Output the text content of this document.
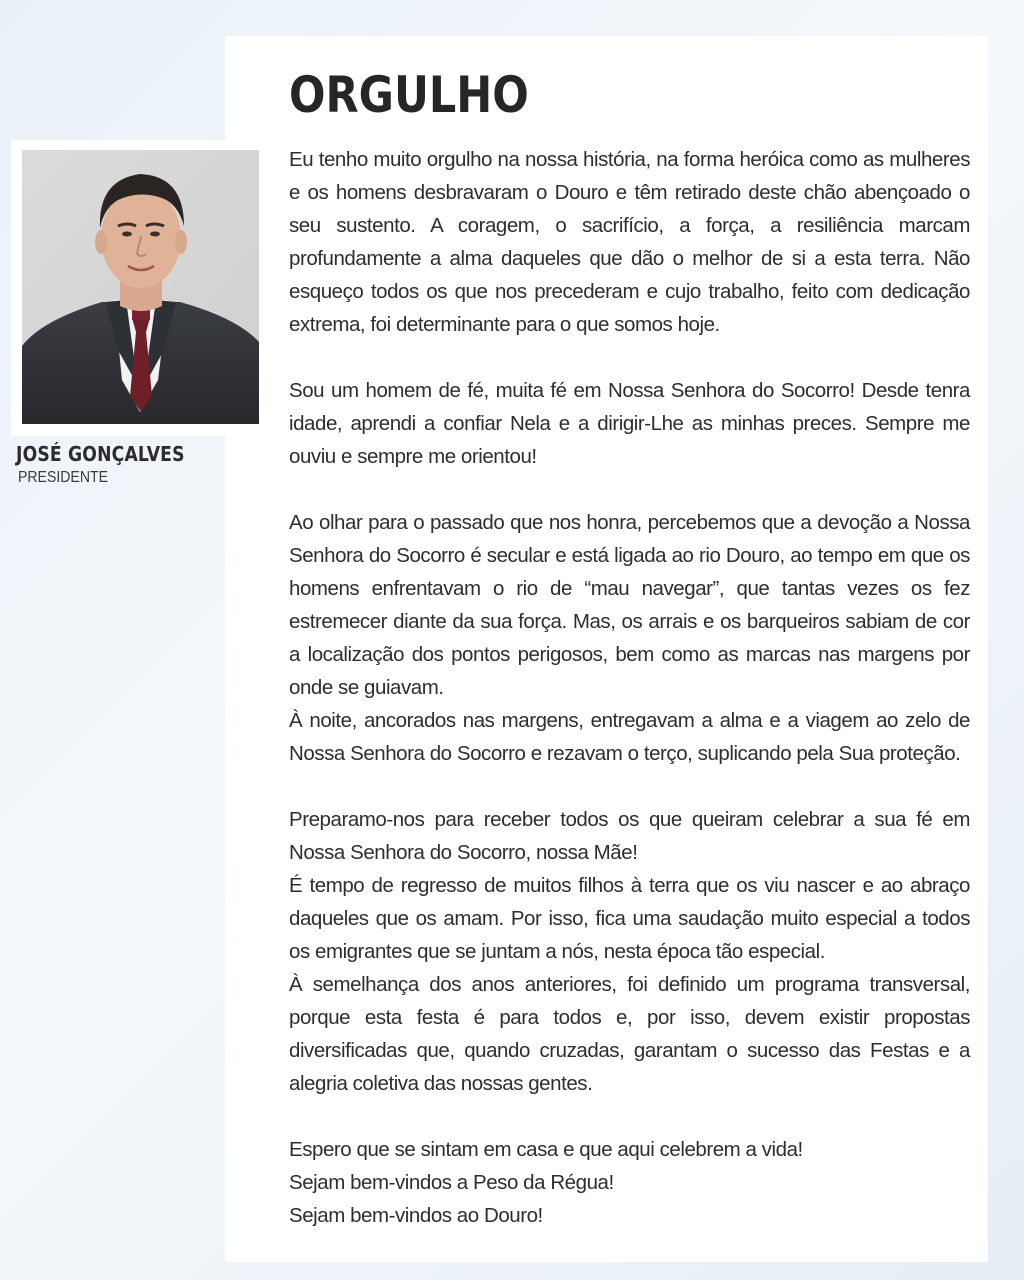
ORGULHO
JOSÉ GONÇALVES
PRESIDENTE

Eu tenho muito orgulho na nossa história, na forma heróica como as mulheres e os homens desbravaram o Douro e têm retirado deste chão abençoado o seu sustento. A coragem, o sacrifício, a força, a resiliência marcam profundamente a alma daqueles que dão o melhor de si a esta terra. Não esqueço todos os que nos precederam e cujo trabalho, feito com dedicação extrema, foi determinante para o que somos hoje.

Sou um homem de fé, muita fé em Nossa Senhora do Socorro! Desde tenra idade, aprendi a confiar Nela e a dirigir-Lhe as minhas preces. Sempre me ouviu e sempre me orientou!

Ao olhar para o passado que nos honra, percebemos que a devoção a Nossa Senhora do Socorro é secular e está ligada ao rio Douro, ao tempo em que os homens enfrentavam o rio de “mau navegar”, que tantas vezes os fez estremecer diante da sua força. Mas, os arrais e os barqueiros sabiam de cor a localização dos pontos perigosos, bem como as marcas nas margens por onde se guiavam.

À noite, ancorados nas margens, entregavam a alma e a viagem ao zelo de Nossa Senhora do Socorro e rezavam o terço, suplicando pela Sua proteção.

Preparamo-nos para receber todos os que queiram celebrar a sua fé em Nossa Senhora do Socorro, nossa Mãe!

É tempo de regresso de muitos filhos à terra que os viu nascer e ao abraço daqueles que os amam. Por isso, fica uma saudação muito especial a todos os emigrantes que se juntam a nós, nesta época tão especial.

À semelhança dos anos anteriores, foi definido um programa transversal, porque esta festa é para todos e, por isso, devem existir propostas diversificadas que, quando cruzadas, garantam o sucesso das Festas e a alegria coletiva das nossas gentes.

Espero que se sintam em casa e que aqui celebrem a vida!

Sejam bem-vindos a Peso da Régua!

Sejam bem-vindos ao Douro!
